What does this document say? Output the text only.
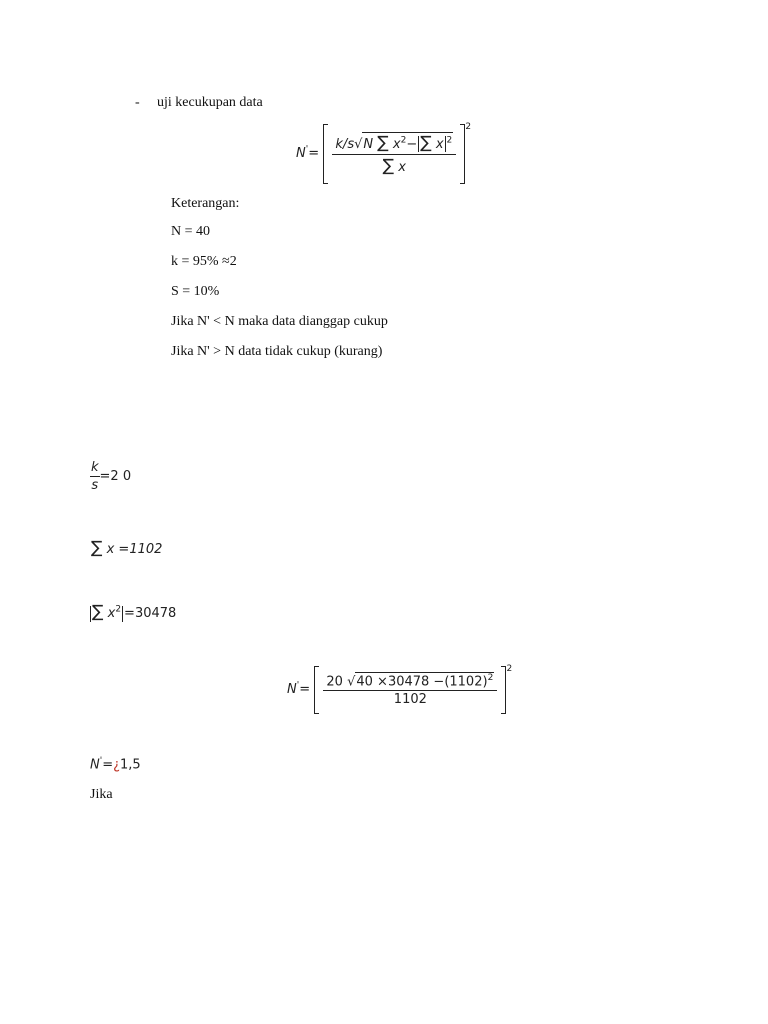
- uji kecukupan data
$N'= \frac{k/s√N \sum x^2- \sum x ^2}{\sum x}$
$^2$
Keterangan:
N = 40
k = 95% ≈2
S = 10%
Jika N' < N maka data dianggap cukup
Jika N' > N data tidak cukup (kurang)
$\frac{k}{s} =2$ 0
∑ x =1102
∑ $x^2 =30478$
$N'= \frac{20 √40 \times 30478 -(1102)^2}{1102}$
$^2$
N'=¿1,5
Jika
